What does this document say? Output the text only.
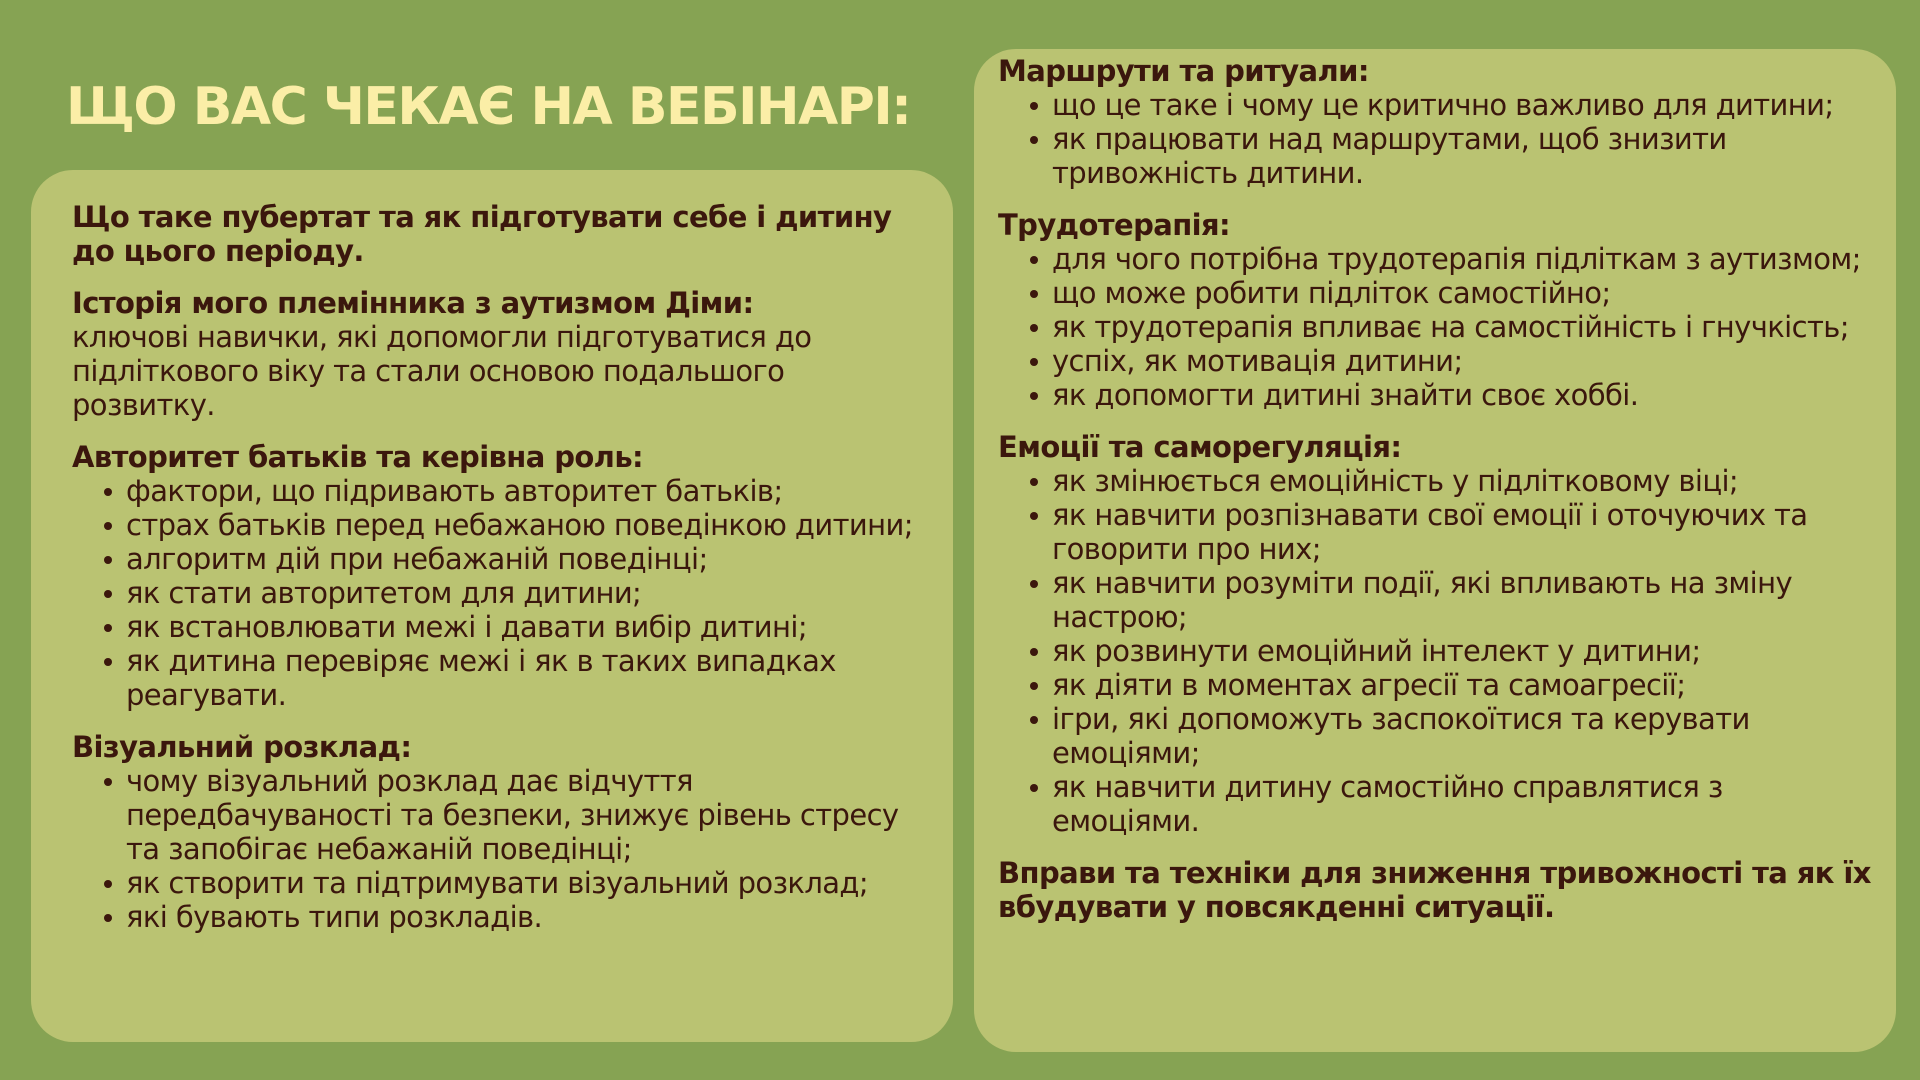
ЩО ВАС ЧЕКАЄ НА ВЕБІНАРІ:

Що таке пубертат та як підготувати себе і дитину до цього періоду.

Історія мого племінника з аутизмом Діми:

ключові навички, які допомогли підготуватися до підліткового віку та стали основою подальшого розвитку.

Авторитет батьків та керівна роль:

фактори, що підривають авторитет батьків;
страх батьків перед небажаною поведінкою дитини;
алгоритм дій при небажаній поведінці;
як стати авторитетом для дитини;
як встановлювати межі і давати вибір дитині;
як дитина перевіряє межі і як в таких випадках реагувати.

Візуальний розклад:

чому візуальний розклад дає відчуття передбачуваності та безпеки, знижує рівень стресу та запобігає небажаній поведінці;
як створити та підтримувати візуальний розклад;
які бувають типи розкладів.

Маршрути та ритуали:

що це таке і чому це критично важливо для дитини;
як працювати над маршрутами, щоб знизити тривожність дитини.

Трудотерапія:

для чого потрібна трудотерапія підліткам з аутизмом;
що може робити підліток самостійно;
як трудотерапія впливає на самостійність і гнучкість;
успіх, як мотивація дитини;
як допомогти дитині знайти своє хоббі.

Емоції та саморегуляція:

як змінюється емоційність у підлітковому віці;
як навчити розпізнавати свої емоції і оточуючих та говорити про них;
як навчити розуміти події, які впливають на зміну настрою;
як розвинути емоційний інтелект у дитини;
як діяти в моментах агресії та самоагресії;
ігри, які допоможуть заспокоїтися та керувати емоціями;
як навчити дитину самостійно справлятися з емоціями.

Вправи та техніки для зниження тривожності та як їх вбудувати у повсякденні ситуації.
